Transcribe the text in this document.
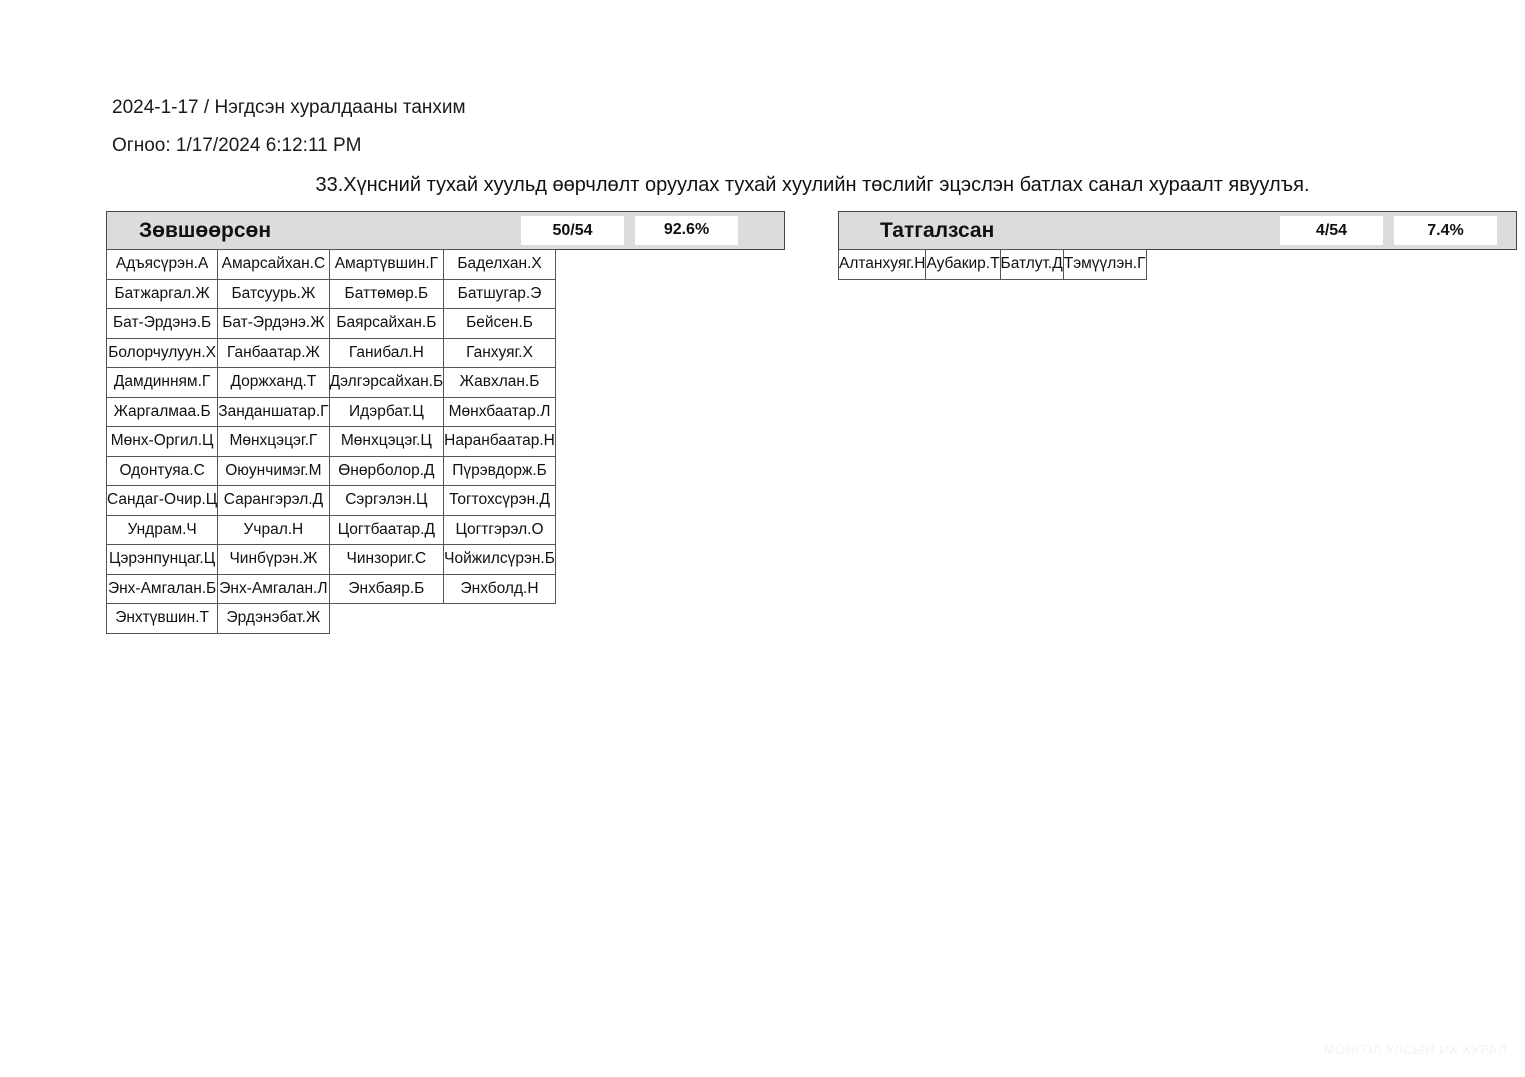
2024-1-17 / Нэгдсэн хуралдааны танхим
Огноо: 1/17/2024 6:12:11 PM
33.Хүнсний тухай хуульд өөрчлөлт оруулах тухай хуулийн төслийг эцэслэн батлах санал хураалт явуулъя.
Зөвшөөрсөн	50/54	92.6%
Адъясүрэн.А	Амарсайхан.С	Амартүвшин.Г	Баделхан.Х
Батжаргал.Ж	Батсуурь.Ж	Баттөмөр.Б	Батшугар.Э
Бат-Эрдэнэ.Б	Бат-Эрдэнэ.Ж	Баярсайхан.Б	Бейсен.Б
Болорчулуун.Х	Ганбаатар.Ж	Ганибал.Н	Ганхуяг.Х
Дамдинням.Г	Доржханд.Т	Дэлгэрсайхан.Б	Жавхлан.Б
Жаргалмаа.Б	Занданшатар.Г	Идэрбат.Ц	Мөнхбаатар.Л
Мөнх-Оргил.Ц	Мөнхцэцэг.Г	Мөнхцэцэг.Ц	Наранбаатар.Н
Одонтуяа.С	Оюунчимэг.М	Өнөрболор.Д	Пүрэвдорж.Б
Сандаг-Очир.Ц	Сарангэрэл.Д	Сэргэлэн.Ц	Тогтохсүрэн.Д
Ундрам.Ч	Учрал.Н	Цогтбаатар.Д	Цогтгэрэл.О
Цэрэнпунцаг.Ц	Чинбүрэн.Ж	Чинзориг.С	Чойжилсүрэн.Б
Энх-Амгалан.Б	Энх-Амгалан.Л	Энхбаяр.Б	Энхболд.Н
Энхтүвшин.Т	Эрдэнэбат.Ж		
Татгалзсан	4/54	7.4%
Алтанхуяг.Н	Аубакир.Т	Батлут.Д	Тэмүүлэн.Г
МОНГОЛ УЛСЫН ИХ ХУРАЛ
